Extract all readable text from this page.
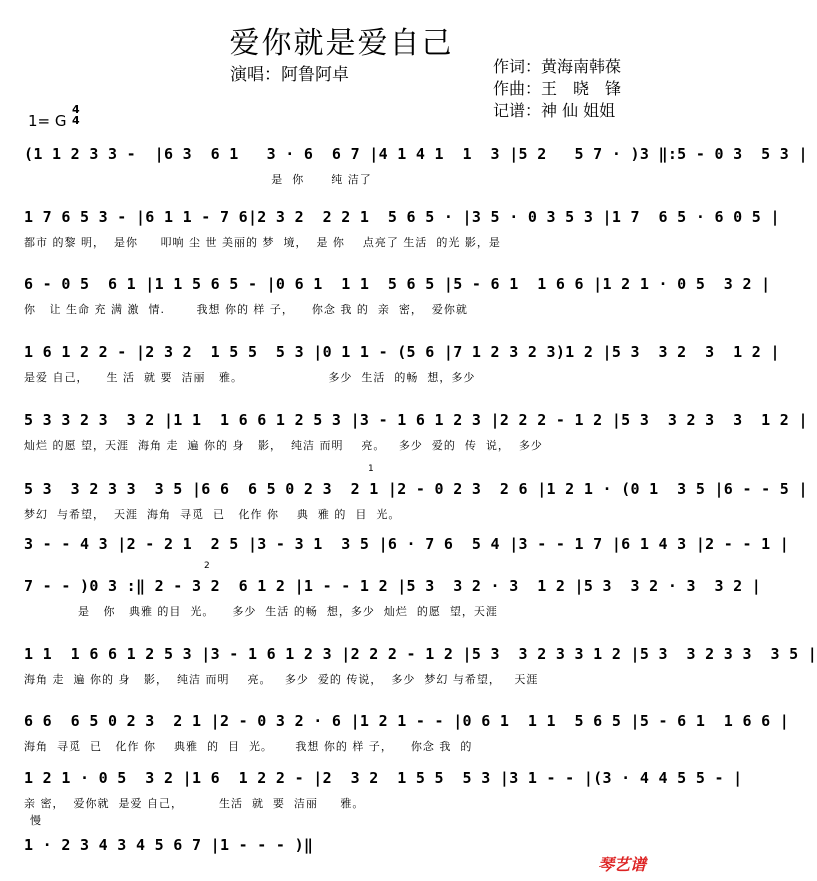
爱你就是爱自己
演唱：阿鲁阿卓	作词：黄海南韩葆
作曲：王　晓　锋
记谱：神 仙 姐姐
1= G
4
4
(1 1 2 3 3 -  |6 3  6 1   3 · 6  6 7 |4 1 4 1  1  3 |5 2   5 7 · )3 ‖:5 - 0 3  5 3 |
是  你      纯 洁了
1 7 6 5 3 - |6 1 1 - 7 6|2 3 2  2 2 1  5 6 5 · |3 5 · 0 3 5 3 |1 7  6 5 · 6 0 5 |
都市 的黎 明，  是你     叩响 尘 世 美丽的 梦  境，  是 你    点亮了 生活  的光 影，是
6 - 0 5  6 1 |1 1 5 6 5 - |0 6 1  1 1  5 6 5 |5 - 6 1  1 6 6 |1 2 1 · 0 5  3 2 |
你   让 生命 充 满 激  情.       我想 你的 样 子，    你念 我 的  亲  密，  爱你就
1 6 1 2 2 - |2 3 2  1 5 5  5 3 |0 1 1 - (5 6 |7 1 2 3 2 3)1 2 |5 3  3 2  3  1 2 |
是爱 自己，    生 活  就 要  洁丽   雅。                   多少  生活  的畅  想，多少
5 3 3 2 3  3 2 |1 1  1 6 6 1 2 5 3 |3 - 1 6 1 2 3 |2 2 2 - 1 2 |5 3  3 2 3  3  1 2 |
灿烂 的愿 望，天涯  海角 走  遍 你的 身   影，  纯洁 而明    亮。   多少  爱的  传  说，  多少
5 3  3 2 3 3  3 5 |6 6  6 5 0 2 3  2 1 |2 - 0 2 3  2 6 |1 2 1 · (0 1  3 5 |6 - - 5 |
梦幻  与希望，  天涯  海角  寻觅  已   化作 你    典  雅 的  目  光。
1
3 - - 4 3 |2 - 2 1  2 5 |3 - 3 1  3 5 |6 · 7 6  5 4 |3 - - 1 7 |6 1 4 3 |2 - - 1 |
7 - - )0 3 :‖ 2 - 3 2  6 1 2 |1 - - 1 2 |5 3  3 2 · 3  1 2 |5 3  3 2 · 3  3 2 |
是   你   典雅 的目  光。    多少  生活 的畅  想，多少  灿烂  的愿  望，天涯
2
1 1  1 6 6 1 2 5 3 |3 - 1 6 1 2 3 |2 2 2 - 1 2 |5 3  3 2 3 3 1 2 |5 3  3 2 3 3  3 5 |
海角 走  遍 你的 身   影，  纯洁 而明    亮。   多少  爱的 传说，  多少  梦幻 与希望，   天涯
6 6  6 5 0 2 3  2 1 |2 - 0 3 2 · 6 |1 2 1 - - |0 6 1  1 1  5 6 5 |5 - 6 1  1 6 6 |
海角  寻觅  已   化作 你    典雅  的  目  光。     我想 你的 样 子，    你念 我  的
1 2 1 · 0 5  3 2 |1 6  1 2 2 - |2  3 2  1 5 5  5 3 |3 1 - - |(3 · 4 4 5 5 - |
亲 密，  爱你就  是爱 自己，        生活  就  要  洁丽     雅。
慢
1 · 2 3 4 3 4 5 6 7 |1 - - - )‖
琴艺谱
